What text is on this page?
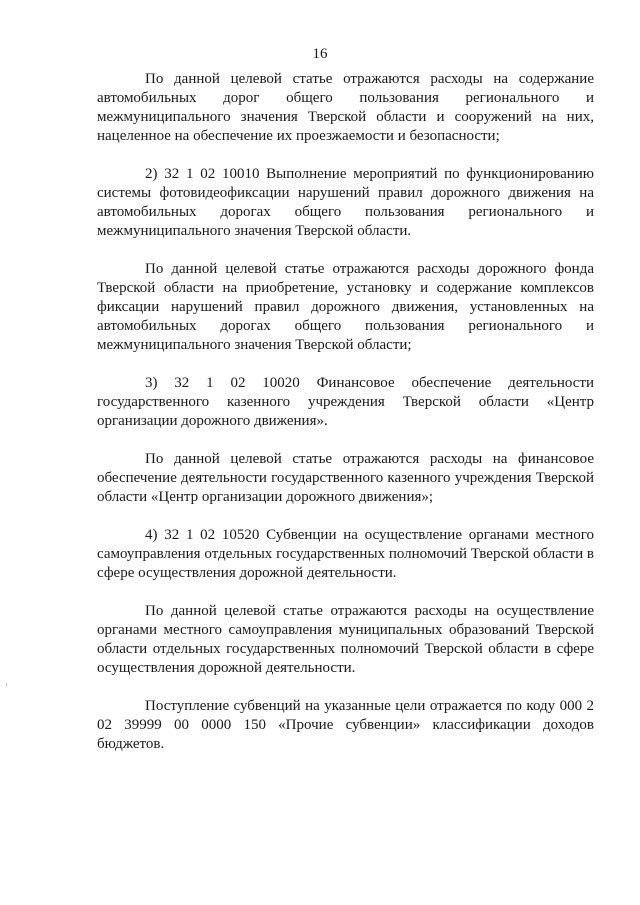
16

По данной целевой статье отражаются расходы на содержание автомобильных дорог общего пользования регионального и межмуниципального значения Тверской области и сооружений на них, нацеленное на обеспечение их проезжаемости и безопасности;

2) 32 1 02 10010 Выполнение мероприятий по функционированию системы фотовидеофиксации нарушений правил дорожного движения на автомобильных дорогах общего пользования регионального и межмуниципального значения Тверской области.

По данной целевой статье отражаются расходы дорожного фонда Тверской области на приобретение, установку и содержание комплексов фиксации нарушений правил дорожного движения, установленных на автомобильных дорогах общего пользования регионального и межмуниципального значения Тверской области;

3) 32 1 02 10020 Финансовое обеспечение деятельности государственного казенного учреждения Тверской области «Центр организации дорожного движения».

По данной целевой статье отражаются расходы на финансовое обеспечение деятельности государственного казенного учреждения Тверской области «Центр организации дорожного движения»;

4) 32 1 02 10520 Субвенции на осуществление органами местного самоуправления отдельных государственных полномочий Тверской области в сфере осуществления дорожной деятельности.

По данной целевой статье отражаются расходы на осуществление органами местного самоуправления муниципальных образований Тверской области отдельных государственных полномочий Тверской области в сфере осуществления дорожной деятельности.

Поступление субвенций на указанные цели отражается по коду 000 2 02 39999 00 0000 150 «Прочие субвенции» классификации доходов бюджетов.
